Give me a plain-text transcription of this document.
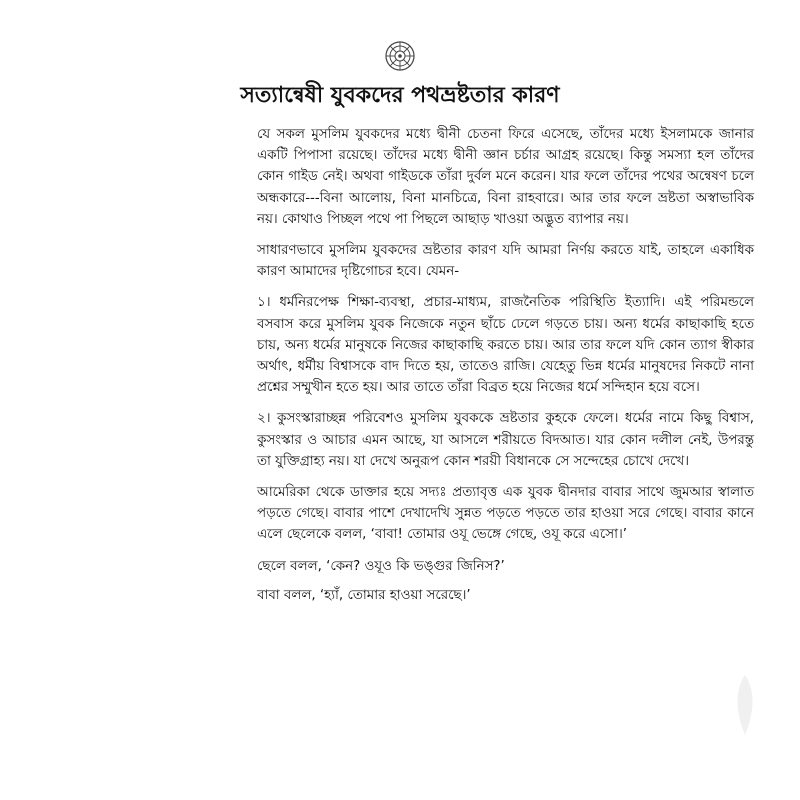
সত্যান্বেষী যুবকদের পথভ্রষ্টতার কারণ

যে সকল মুসলিম যুবকদের মধ্যে দ্বীনী চেতনা ফিরে এসেছে, তাঁদের মধ্যে ইসলামকে জানার একটি পিপাসা রয়েছে। তাঁদের মধ্যে দ্বীনী জ্ঞান চর্চার আগ্রহ রয়েছে। কিন্তু সমস্যা হল তাঁদের কোন গাইড নেই। অথবা গাইডকে তাঁরা দুর্বল মনে করেন। যার ফলে তাঁদের পথের অন্বেষণ চলে অন্ধকারে---বিনা আলোয়, বিনা মানচিত্রে, বিনা রাহবারে। আর তার ফলে ভ্রষ্টতা অস্বাভাবিক নয়। কোথাও পিচ্ছল পথে পা পিছলে আছাড় খাওয়া অদ্ভুত ব্যাপার নয়।

সাধারণভাবে মুসলিম যুবকদের ভ্রষ্টতার কারণ যদি আমরা নির্ণয় করতে যাই, তাহলে একাধিক কারণ আমাদের দৃষ্টিগোচর হবে। যেমন-

১। ধর্মনিরপেক্ষ শিক্ষা-ব্যবস্থা, প্রচার-মাধ্যম, রাজনৈতিক পরিস্থিতি ইত্যাদি। এই পরিমন্ডলে বসবাস করে মুসলিম যুবক নিজেকে নতুন ছাঁচে ঢেলে গড়তে চায়। অন্য ধর্মের কাছাকাছি হতে চায়, অন্য ধর্মের মানুষকে নিজের কাছাকাছি করতে চায়। আর তার ফলে যদি কোন ত্যাগ স্বীকার অর্থাৎ, ধর্মীয় বিশ্বাসকে বাদ দিতে হয়, তাতেও রাজি। যেহেতু ভিন্ন ধর্মের মানুষদের নিকটে নানা প্রশ্নের সম্মুখীন হতে হয়। আর তাতে তাঁরা বিব্রত হয়ে নিজের ধর্মে সন্দিহান হয়ে বসে।

২। কুসংস্কারাচ্ছন্ন পরিবেশও মুসলিম যুবককে ভ্রষ্টতার কুহকে ফেলে। ধর্মের নামে কিছু বিশ্বাস, কুসংস্কার ও আচার এমন আছে, যা আসলে শরীয়তে বিদআত। যার কোন দলীল নেই, উপরন্তু তা যুক্তিগ্রাহ্য নয়। যা দেখে অনুরূপ কোন শরয়ী বিধানকে সে সন্দেহের চোখে দেখে।

আমেরিকা থেকে ডাক্তার হয়ে সদ্যঃ প্রত্যাবৃত্ত এক যুবক দ্বীনদার বাবার সাথে জুমআর স্বালাত পড়তে গেছে। বাবার পাশে দেখাদেখি সুন্নত পড়তে পড়তে তার হাওয়া সরে গেছে। বাবার কানে এলে ছেলেকে বলল, ‘বাবা! তোমার ওযূ ভেঙ্গে গেছে, ওযূ করে এসো।’

ছেলে বলল, ‘কেন? ওযূও কি ভঙ্গুর জিনিস?’

বাবা বলল, ‘হ্যাঁ, তোমার হাওয়া সরেছে।’
